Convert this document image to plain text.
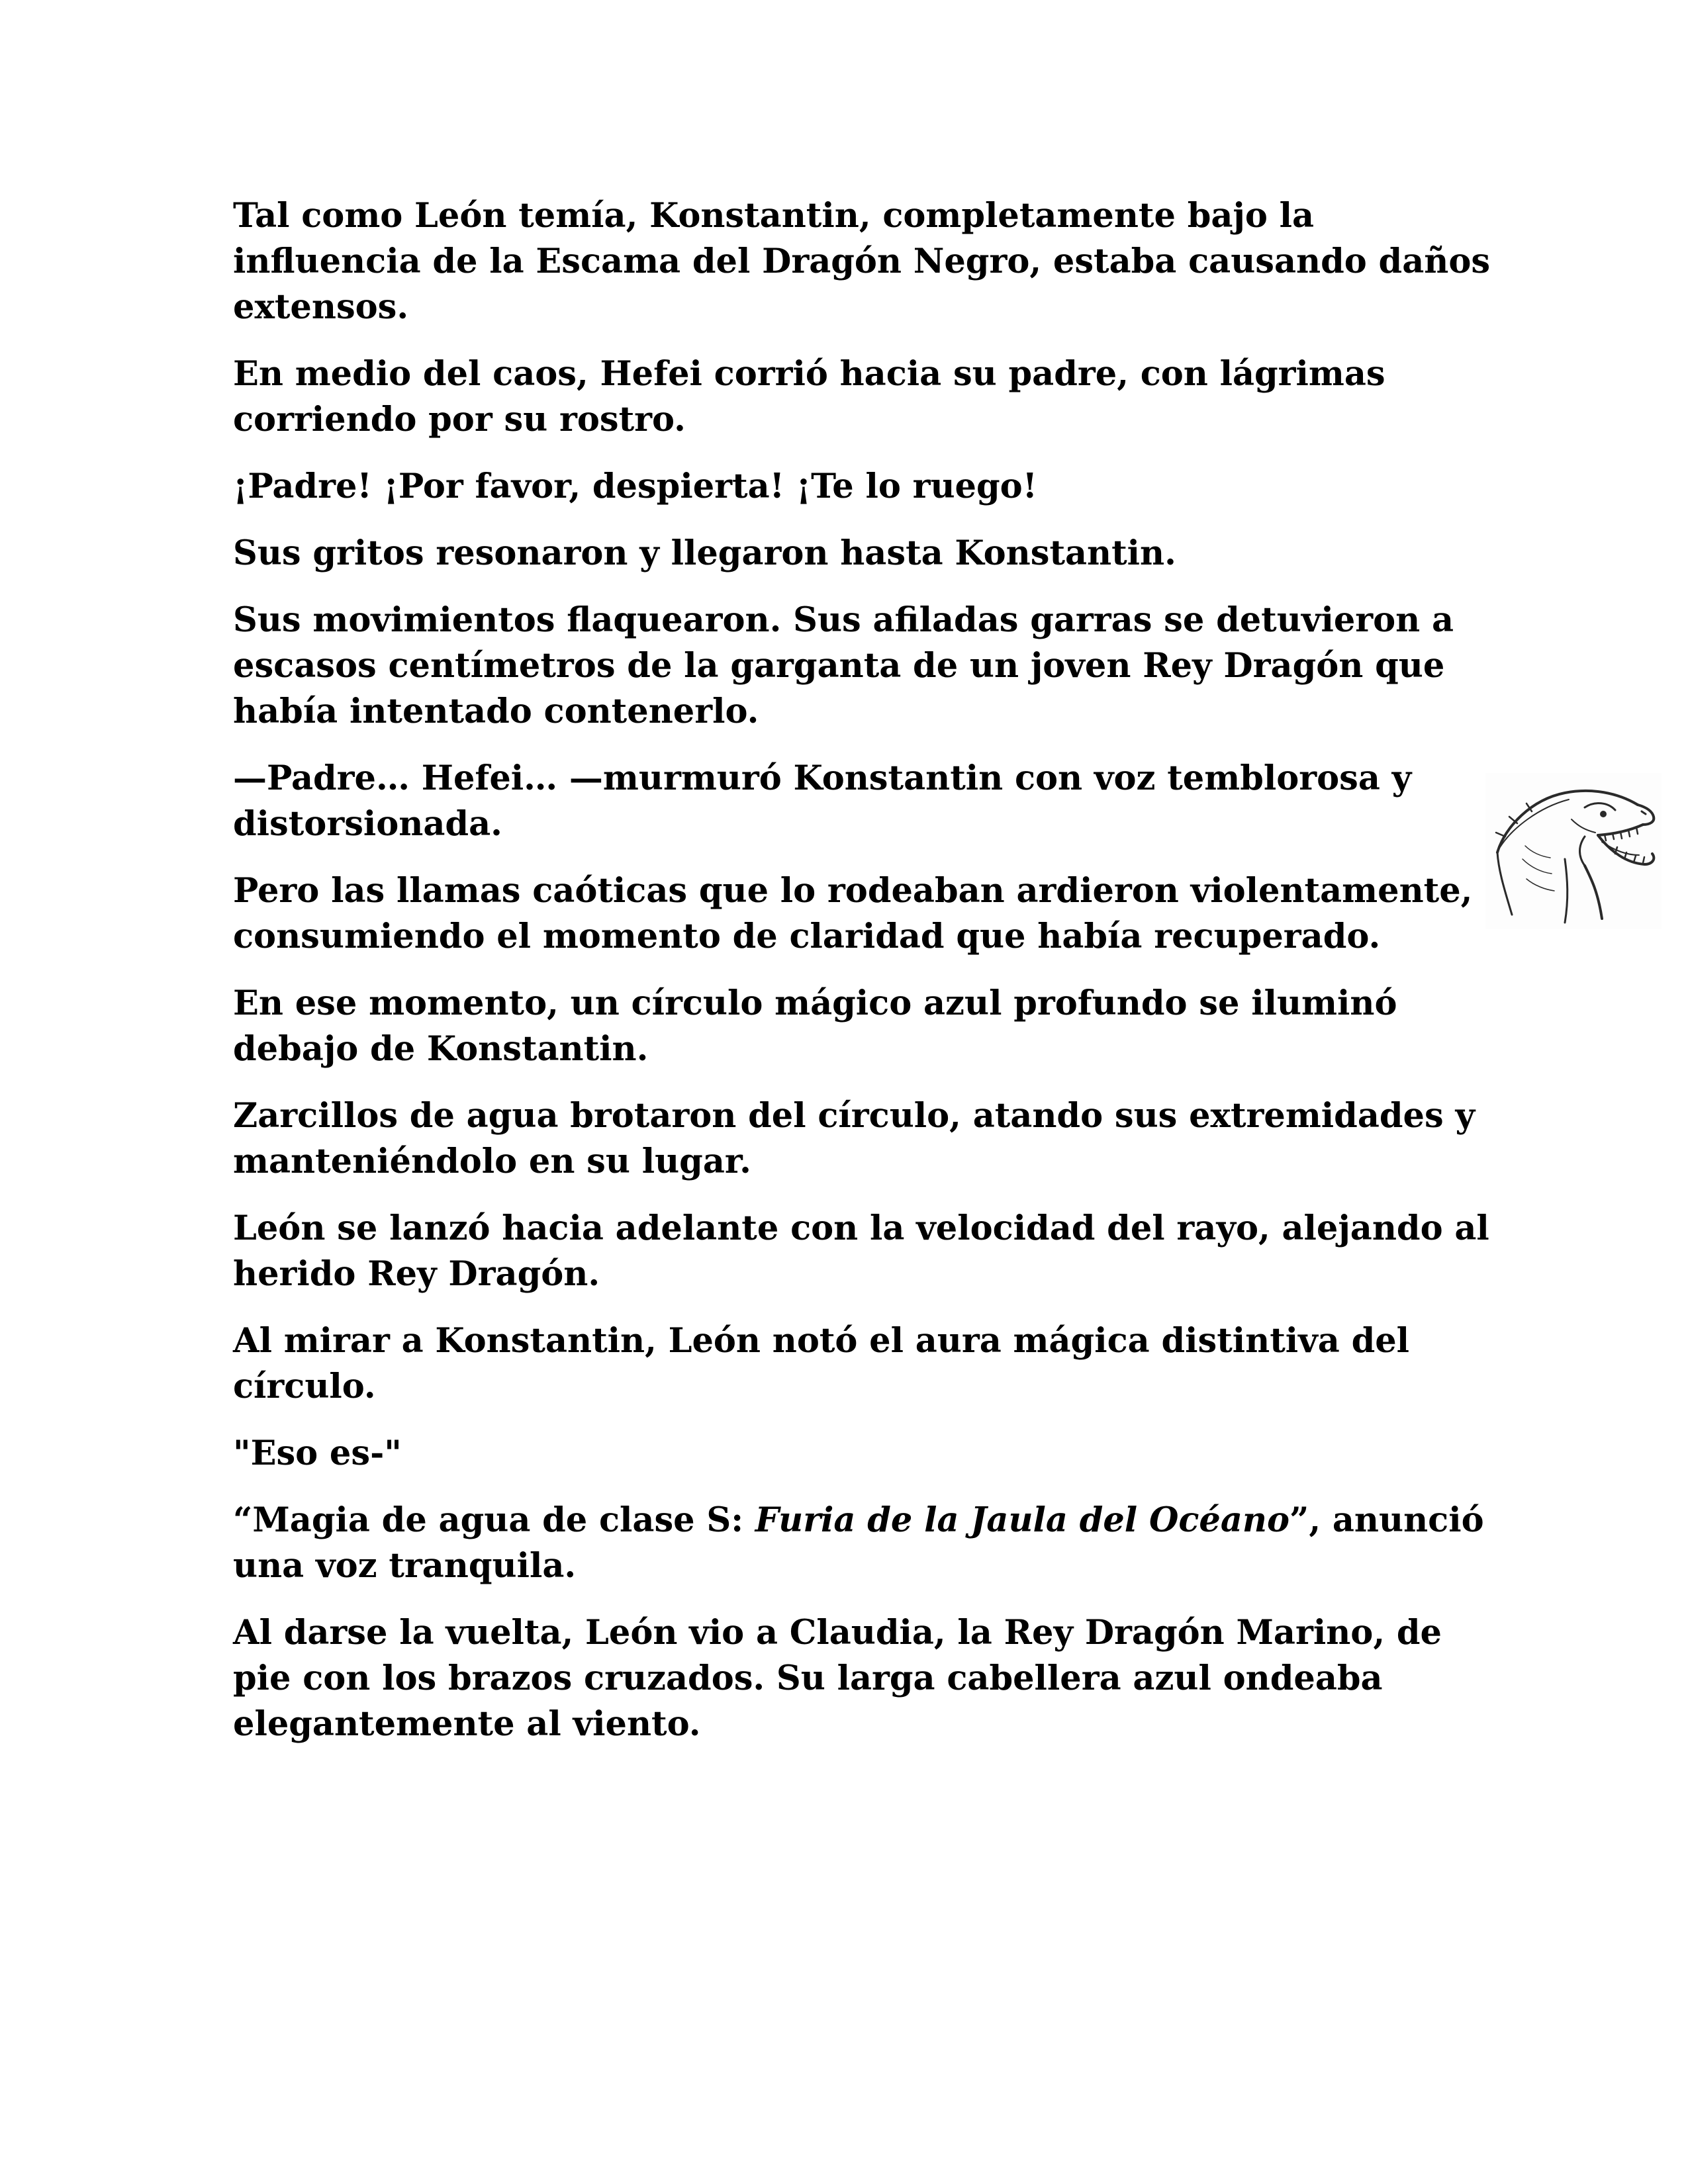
Tal como León temía, Konstantin, completamente bajo la influencia de la Escama del Dragón Negro, estaba causando daños extensos.

En medio del caos, Hefei corrió hacia su padre, con lágrimas corriendo por su rostro.

¡Padre! ¡Por favor, despierta! ¡Te lo ruego!

Sus gritos resonaron y llegaron hasta Konstantin.

Sus movimientos flaquearon. Sus afiladas garras se detuvieron a escasos centímetros de la garganta de un joven Rey Dragón que había intentado contenerlo.

—Padre… Hefei… —murmuró Konstantin con voz temblorosa y distorsionada.

Pero las llamas caóticas que lo rodeaban ardieron violentamente, consumiendo el momento de claridad que había recuperado.

En ese momento, un círculo mágico azul profundo se iluminó debajo de Konstantin.

Zarcillos de agua brotaron del círculo, atando sus extremidades y manteniéndolo en su lugar.

León se lanzó hacia adelante con la velocidad del rayo, alejando al herido Rey Dragón.

Al mirar a Konstantin, León notó el aura mágica distintiva del círculo.

"Eso es-"

“Magia de agua de clase S: Furia de la Jaula del Océano”, anunció una voz tranquila.

Al darse la vuelta, León vio a Claudia, la Rey Dragón Marino, de pie con los brazos cruzados. Su larga cabellera azul ondeaba elegantemente al viento.
